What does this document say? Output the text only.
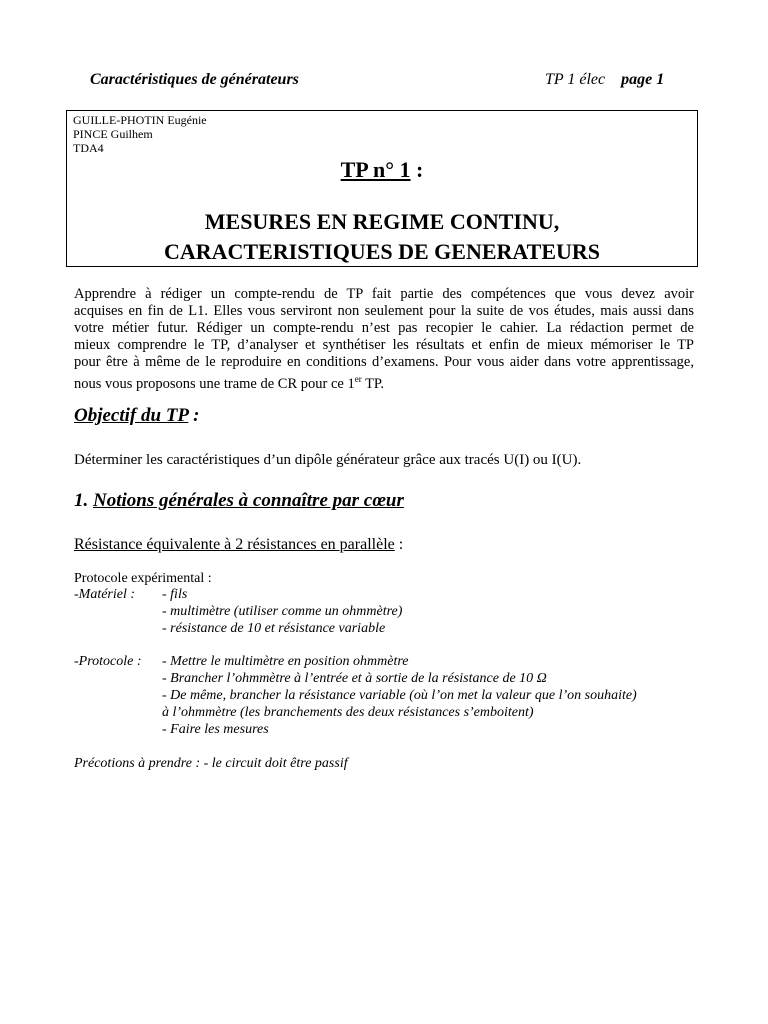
Caractéristiques de générateurs	TP 1 élec page 1
GUILLE-PHOTIN Eugénie
PINCE Guilhem
TDA4
TP n° 1 :
MESURES EN REGIME CONTINU,
CARACTERISTIQUES DE GENERATEURS
Apprendre à rédiger un compte-rendu de TP fait partie des compétences que vous devez avoir
acquises en fin de L1. Elles vous serviront non seulement pour la suite de vos études, mais aussi dans
votre métier futur. Rédiger un compte-rendu n’est pas recopier le cahier. La rédaction permet de
mieux comprendre le TP, d’analyser et synthétiser les résultats et enfin de mieux mémoriser le TP
pour être à même de le reproduire en conditions d’examens. Pour vous aider dans votre apprentissage,
nous vous proposons une trame de CR pour ce 1er TP.
Objectif du TP :
Déterminer les caractéristiques d’un dipôle générateur grâce aux tracés U(I) ou I(U).
1. Notions générales à connaître par cœur
Résistance équivalente à 2 résistances en parallèle :
Protocole expérimental :
-Matériel : - fils
- multimètre (utiliser comme un ohmmètre)
- résistance de 10 et résistance variable
-Protocole : - Mettre le multimètre en position ohmmètre
- Brancher l’ohmmètre à l’entrée et à sortie de la résistance de 10 Ω
- De même, brancher la résistance variable (où l’on met la valeur que l’on souhaite)
à l’ohmmètre (les branchements des deux résistances s’emboitent)
- Faire les mesures
Précotions à prendre : - le circuit doit être passif
